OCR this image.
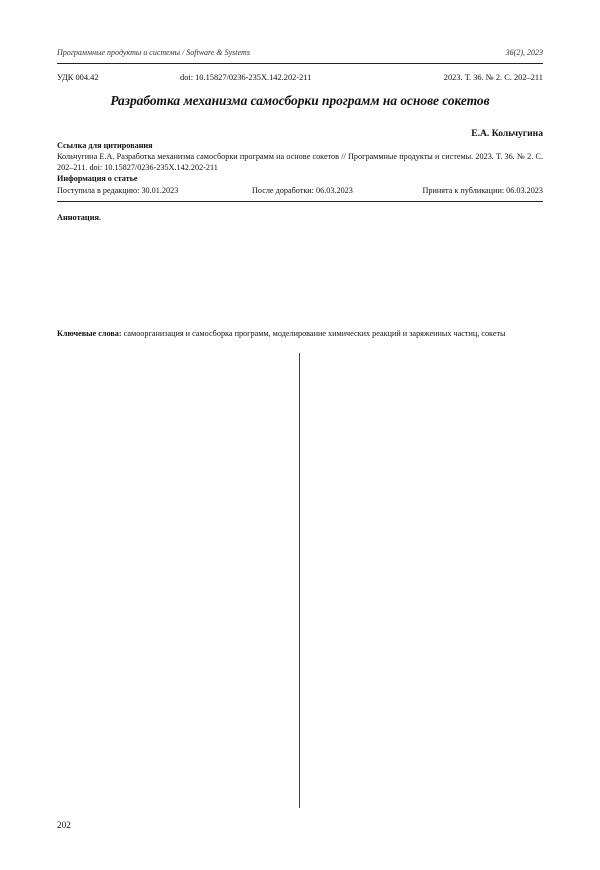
Программные продукты и системы / Software & Systems	36(2), 2023
УДК 004.42	doi: 10.15827/0236-235X.142.202-211	2023. Т. 36. № 2. С. 202–211
Разработка механизма самосборки программ на основе сокетов
Е.А. Кольчугина
Ссылка для цитирования
Кольчугина Е.А. Разработка механизма самосборки программ на основе сокетов // Программные продукты и системы. 2023. Т. 36. № 2. С. 202–211. doi: 10.15827/0236-235X.142.202-211
Информация о статье
Поступила в редакцию: 30.01.2023	После доработки: 06.03.2023	Принята к публикации: 06.03.2023

Аннотация.

Ключевые слова: самоорганизация и самосборка программ, моделирование химических реакций и заряженных частиц, сокеты
202
